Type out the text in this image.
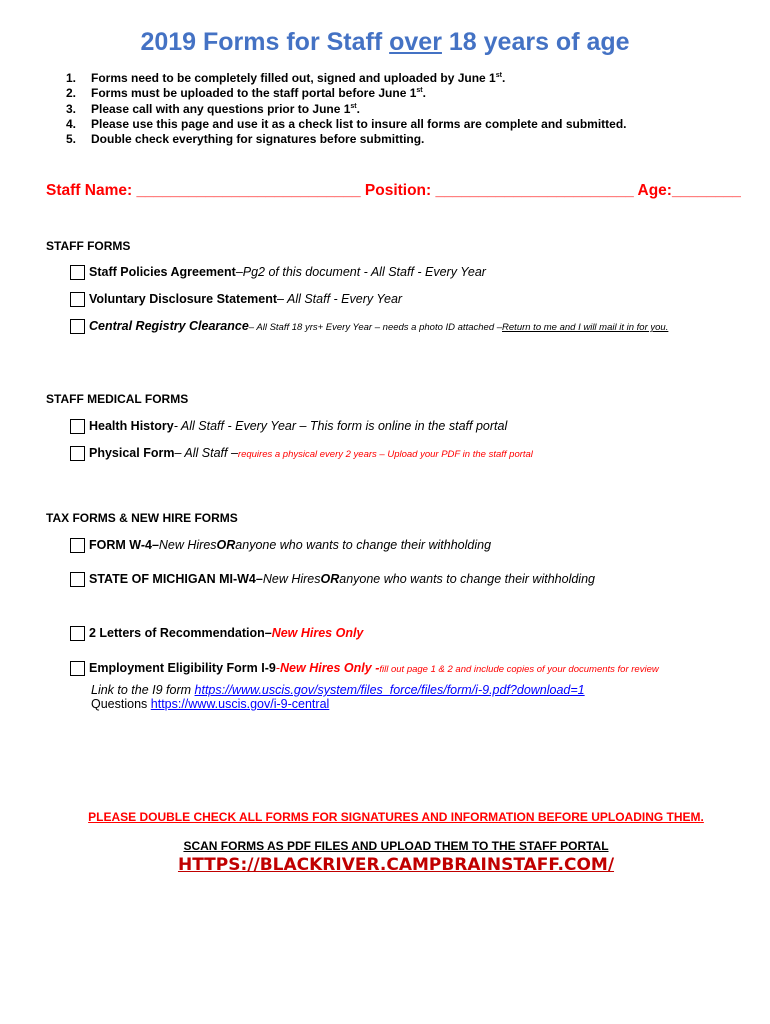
2019 Forms for Staff over 18 years of age
1.	Forms need to be completely filled out, signed and uploaded by June 1st.
2.	Forms must be uploaded to the staff portal before June 1st.
3.	Please call with any questions prior to June 1st.
4.	Please use this page and use it as a check list to insure all forms are complete and submitted.
5.	Double check everything for signatures before submitting.
Staff Name: __________________________ Position: _______________________ Age:________
STAFF FORMS
Staff Policies Agreement –Pg2 of this document - All Staff - Every Year
Voluntary Disclosure Statement – All Staff - Every Year
Central Registry Clearance – All Staff 18 yrs+ Every Year – needs a photo ID attached – Return to me and I will mail it in for you.
STAFF MEDICAL FORMS
Health History - All Staff - Every Year – This form is online in the staff portal
Physical Form – All Staff – requires a physical every 2 years – Upload your PDF in the staff portal
TAX FORMS & NEW HIRE FORMS
FORM W-4 – New Hires OR anyone who wants to change their withholding
STATE OF MICHIGAN MI-W4 – New Hires OR anyone who wants to change their withholding
2 Letters of Recommendation – New Hires Only
Employment Eligibility Form I-9 - New Hires Only - fill out page 1 & 2 and include copies of your documents for review
Link to the I9 form https://www.uscis.gov/system/files_force/files/form/i-9.pdf?download=1
Questions https://www.uscis.gov/i-9-central
PLEASE DOUBLE CHECK ALL FORMS FOR SIGNATURES AND INFORMATION BEFORE UPLOADING THEM.
SCAN FORMS AS PDF FILES AND UPLOAD THEM TO THE STAFF PORTAL
HTTPS://BLACKRIVER.CAMPBRAINSTAFF.COM/
